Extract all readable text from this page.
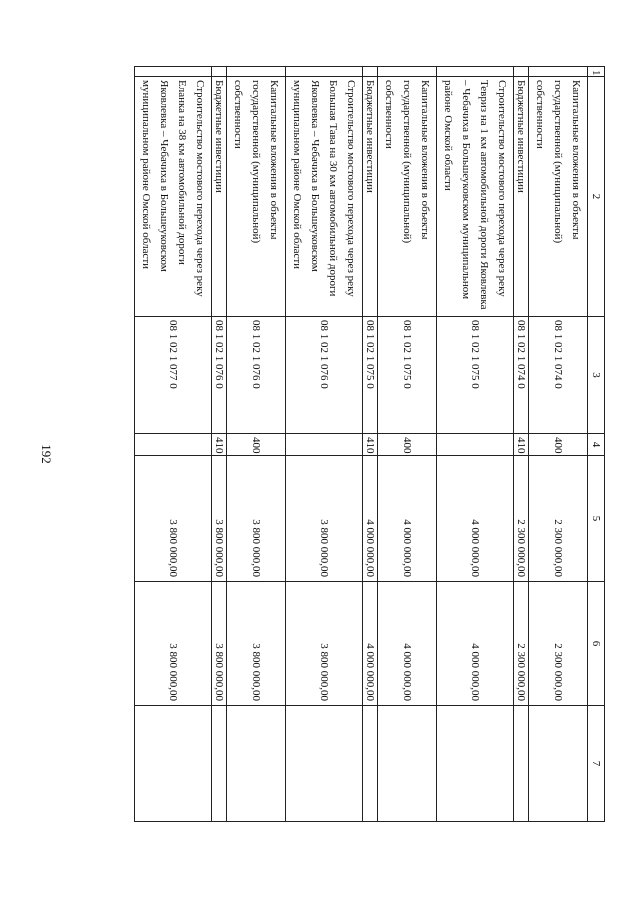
192
1	2	3	4	5	6	7
	Капитальные вложения в объекты государственной (муниципальной) собственности	08 1 02 1 074 0	400	2 300 000,00	2 300 000,00	
	Бюджетные инвестиции	08 1 02 1 074 0	410	2 300 000,00	2 300 000,00	
	Строительство мостового перехода через реку Тевриз на 1 км автомобильной дороги Яковлевка – Чебачиха в Большеуковском муниципальном районе Омской области	08 1 02 1 075 0		4 000 000,00	4 000 000,00	
	Капитальные вложения в объекты государственной (муниципальной) собственности	08 1 02 1 075 0	400	4 000 000,00	4 000 000,00	
	Бюджетные инвестиции	08 1 02 1 075 0	410	4 000 000,00	4 000 000,00	
	Строительство мостового перехода через реку Большая Тава на 30 км автомобильной дороги Яковлевка – Чебачиха в Большеуковском муниципальном районе Омской области	08 1 02 1 076 0		3 800 000,00	3 800 000,00	
	Капитальные вложения в объекты государственной (муниципальной) собственности	08 1 02 1 076 0	400	3 800 000,00	3 800 000,00	
	Бюджетные инвестиции	08 1 02 1 076 0	410	3 800 000,00	3 800 000,00	
	Строительство мостового перехода через реку Еланка на 38 км автомобильной дороги Яковлевка – Чебачиха в Большеуковском муниципальном районе Омской области	08 1 02 1 077 0		3 800 000,00	3 800 000,00	
